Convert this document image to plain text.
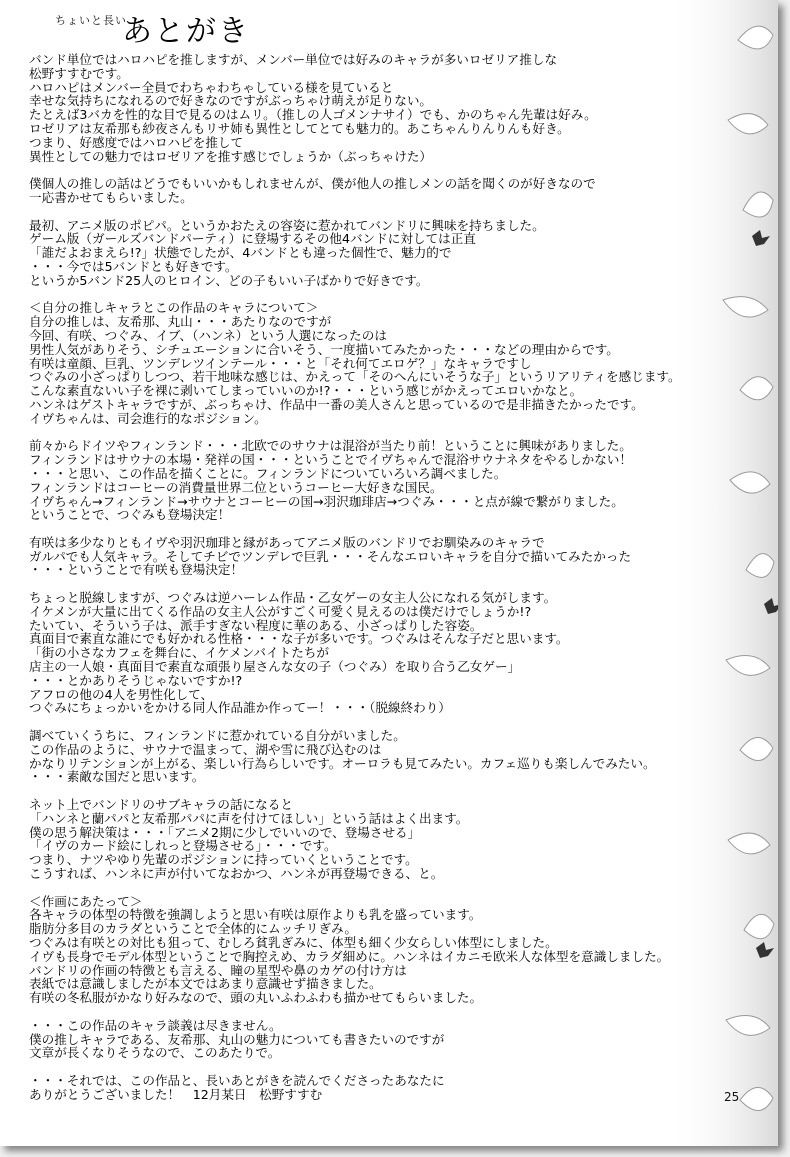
ちょいと長い
あとがき
バンド単位ではハロハピを推しますが、メンバー単位では好みのキャラが多いロゼリア推しな
松野すすむです。
ハロハピはメンバー全員でわちゃわちゃしている様を見ていると
幸せな気持ちになれるので好きなのですがぶっちゃけ萌えが足りない。
たとえば3バカを性的な目で見るのはムリ。（推しの人ゴメンナサイ）でも、かのちゃん先輩は好み。
ロゼリアは友希那も紗夜さんもリサ姉も異性としてとても魅力的。あこちゃんりんりんも好き。
つまり、好感度ではハロハピを推して
異性としての魅力ではロゼリアを推す感じでしょうか（ぶっちゃけた）
僕個人の推しの話はどうでもいいかもしれませんが、僕が他人の推しメンの話を聞くのが好きなので
一応書かせてもらいました。
最初、アニメ版のポピパ。というかおたえの容姿に惹かれてバンドリに興味を持ちました。
ゲーム版（ガールズバンドパーティ）に登場するその他4バンドに対しては正直
「誰だよおまえら!?」状態でしたが、4バンドとも違った個性で、魅力的で
・・・今では5バンドとも好きです。
というか5バンド25人のヒロイン、どの子もいい子ばかりで好きです。
＜自分の推しキャラとこの作品のキャラについて＞
自分の推しは、友希那、丸山・・・あたりなのですが
今回、有咲、つぐみ、イブ、（ハンネ）という人選になったのは
男性人気がありそう、シチュエーションに合いそう、一度描いてみたかった・・・などの理由からです。
有咲は童顔、巨乳、ツンデレツインテール・・・と「それ何てエロゲ？」なキャラですし
つぐみの小ざっぱりしつつ、若干地味な感じは、かえって「そのへんにいそうな子」というリアリティを感じます。
こんな素直ないい子を裸に剥いてしまっていいのか!?・・・という感じがかえってエロいかなと。
ハンネはゲストキャラですが、ぶっちゃけ、作品中一番の美人さんと思っているので是非描きたかったです。
イヴちゃんは、司会進行的なポジション。
前々からドイツやフィンランド・・・北欧でのサウナは混浴が当たり前！ということに興味がありました。
フィンランドはサウナの本場・発祥の国・・・ということでイヴちゃんで混浴サウナネタをやるしかない！
・・・と思い、この作品を描くことに。フィンランドについていろいろ調べました。
フィンランドはコーヒーの消費量世界二位というコーヒー大好きな国民。
イヴちゃん→フィンランド→サウナとコーヒーの国→羽沢珈琲店→つぐみ・・・と点が線で繋がりました。
ということで、つぐみも登場決定！
有咲は多少なりともイヴや羽沢珈琲と縁があってアニメ版のバンドリでお馴染みのキャラで
ガルパでも人気キャラ。そしてチビでツンデレで巨乳・・・そんなエロいキャラを自分で描いてみたかった
・・・ということで有咲も登場決定！
ちょっと脱線しますが、つぐみは逆ハーレム作品・乙女ゲーの女主人公になれる気がします。
イケメンが大量に出てくる作品の女主人公がすごく可愛く見えるのは僕だけでしょうか!?
たいてい、そういう子は、派手すぎない程度に華のある、小ざっぱりした容姿。
真面目で素直な誰にでも好かれる性格・・・な子が多いです。つぐみはそんな子だと思います。
「街の小さなカフェを舞台に、イケメンバイトたちが
店主の一人娘・真面目で素直な頑張り屋さんな女の子（つぐみ）を取り合う乙女ゲー」
・・・とかありそうじゃないですか!?
アフロの他の4人を男性化して、
つぐみにちょっかいをかける同人作品誰か作ってー！・・・（脱線終わり）
調べていくうちに、フィンランドに惹かれている自分がいました。
この作品のように、サウナで温まって、湖や雪に飛び込むのは
かなりリテンションが上がる、楽しい行為らしいです。オーロラも見てみたい。カフェ巡りも楽しんでみたい。
・・・素敵な国だと思います。
ネット上でバンドリのサブキャラの話になると
「ハンネと蘭パパと友希那パパに声を付けてほしい」という話はよく出ます。
僕の思う解決策は・・・「アニメ2期に少しでいいので、登場させる」
「イヴのカード絵にしれっと登場させる」・・・です。
つまり、ナツやゆり先輩のポジションに持っていくということです。
こうすれば、ハンネに声が付いてなおかつ、ハンネが再登場できる、と。
＜作画にあたって＞
各キャラの体型の特徴を強調しようと思い有咲は原作よりも乳を盛っています。
脂肪分多目のカラダということで全体的にムッチリぎみ。
つぐみは有咲との対比も狙って、むしろ貧乳ぎみに、体型も細く少女らしい体型にしました。
イヴも長身でモデル体型ということで胸控えめ、カラダ細めに。ハンネはイカニモ欧米人な体型を意識しました。
バンドリの作画の特徴とも言える、瞳の星型や鼻のカゲの付け方は
表紙では意識しましたが本文ではあまり意識せず描きました。
有咲の冬私服がかなり好みなので、頭の丸いふわふわも描かせてもらいました。
・・・この作品のキャラ談義は尽きません。
僕の推しキャラである、友希那、丸山の魅力についても書きたいのですが
文章が長くなりそうなので、このあたりで。
・・・それでは、この作品と、長いあとがきを読んでくださったあなたに
ありがとうございました！　12月某日　松野すすむ	25
